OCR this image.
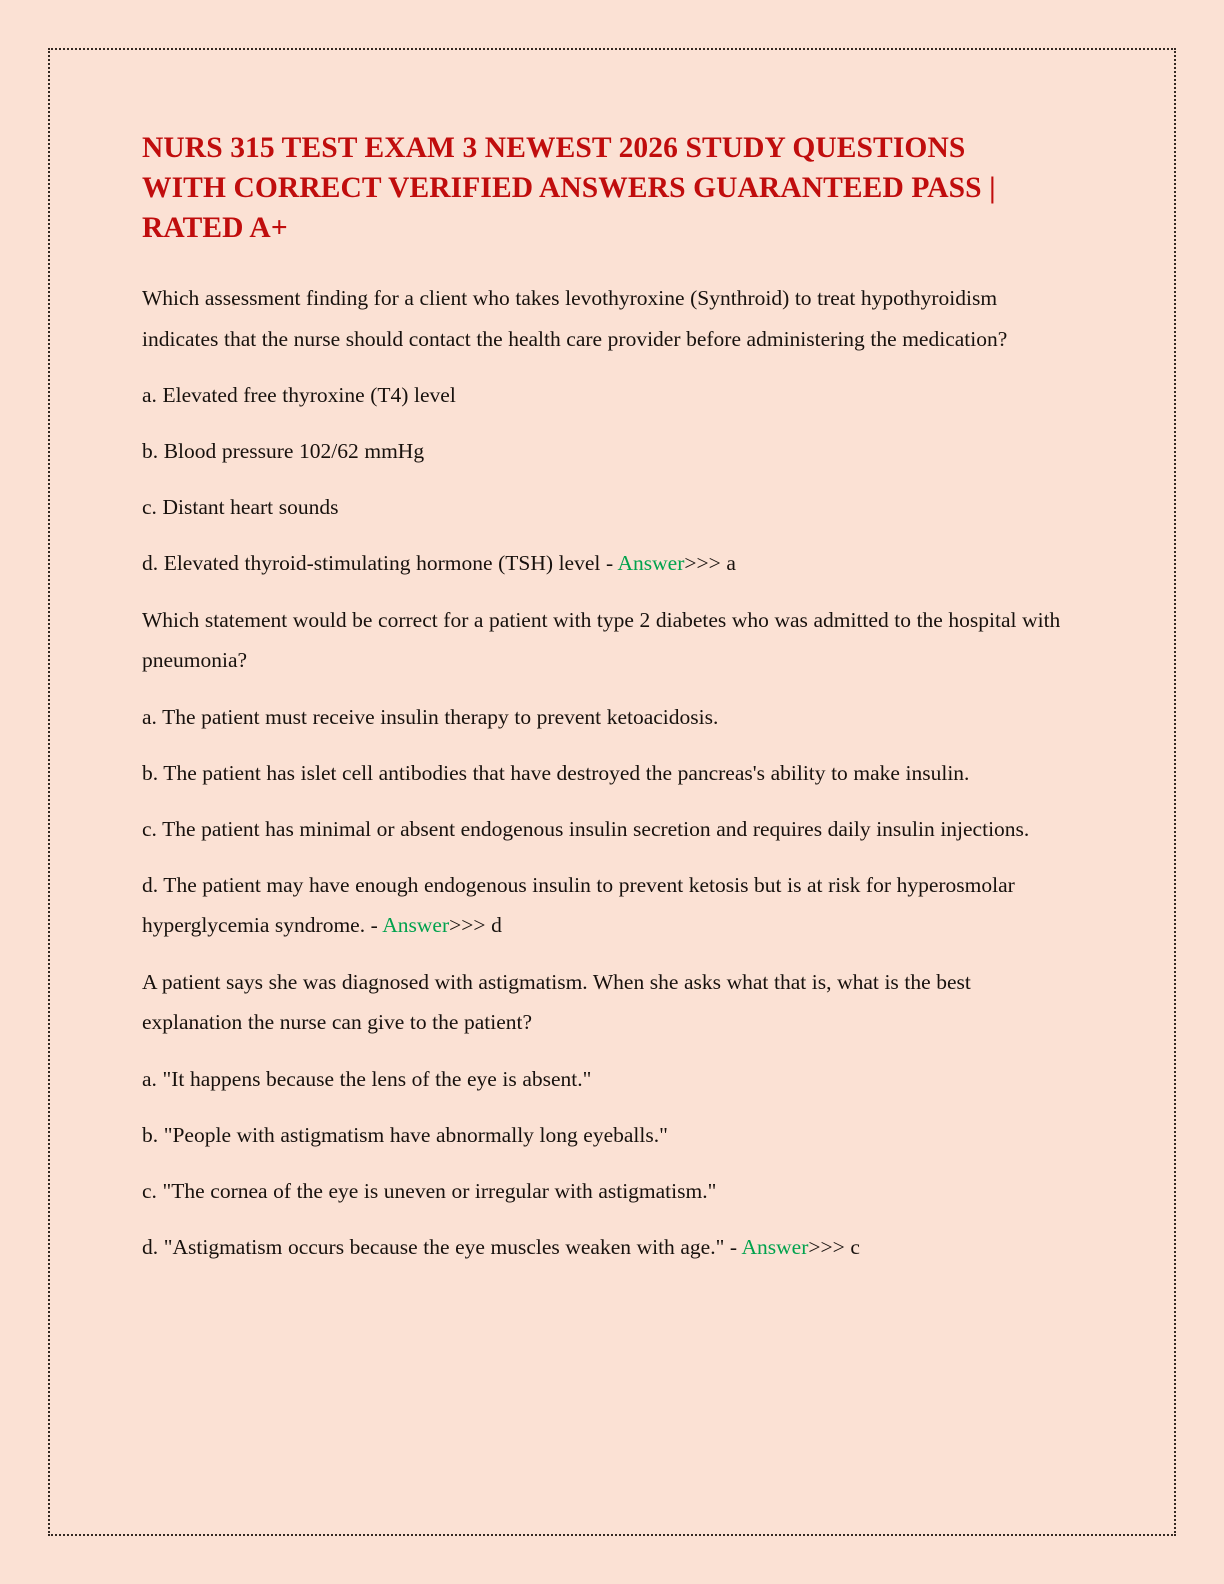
NURS 315 TEST EXAM 3 NEWEST 2026 STUDY QUESTIONS
WITH CORRECT VERIFIED ANSWERS GUARANTEED PASS |
RATED A+

Which assessment finding for a client who takes levothyroxine (Synthroid) to treat hypothyroidism indicates that the nurse should contact the health care provider before administering the medication?

a. Elevated free thyroxine (T4) level

b. Blood pressure 102/62 mmHg

c. Distant heart sounds

d. Elevated thyroid-stimulating hormone (TSH) level - Answer>>> a

Which statement would be correct for a patient with type 2 diabetes who was admitted to the hospital with pneumonia?

a. The patient must receive insulin therapy to prevent ketoacidosis.

b. The patient has islet cell antibodies that have destroyed the pancreas's ability to make insulin.

c. The patient has minimal or absent endogenous insulin secretion and requires daily insulin injections.

d. The patient may have enough endogenous insulin to prevent ketosis but is at risk for hyperosmolar hyperglycemia syndrome. - Answer>>> d

A patient says she was diagnosed with astigmatism. When she asks what that is, what is the best explanation the nurse can give to the patient?

a. "It happens because the lens of the eye is absent."

b. "People with astigmatism have abnormally long eyeballs."

c. "The cornea of the eye is uneven or irregular with astigmatism."

d. "Astigmatism occurs because the eye muscles weaken with age." - Answer>>> c
